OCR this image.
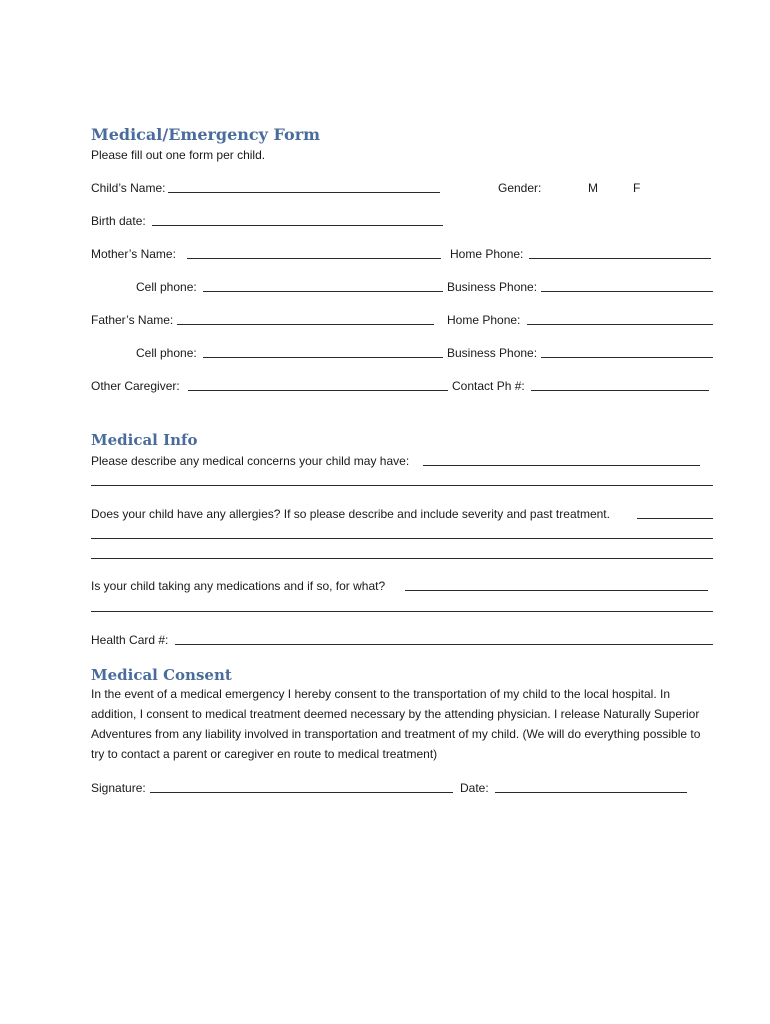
Medical/Emergency Form

Please fill out one form per child.

Child’s Name:	Gender:	M	F
Birth date:
Mother’s Name:	Home Phone:
Cell phone:	Business Phone:
Father’s Name:	Home Phone:
Cell phone:	Business Phone:
Other Caregiver:	Contact Ph #:
Medical Info
Please describe any medical concerns your child may have:
Does your child have any allergies? If so please describe and include severity and past treatment.
Is your child taking any medications and if so, for what?
Health Card #:
Medical Consent

In the event of a medical emergency I hereby consent to the transportation of my child to the local hospital. In addition, I consent to medical treatment deemed necessary by the attending physician. I release Naturally Superior Adventures from any liability involved in transportation and treatment of my child. (We will do everything possible to try to contact a parent or caregiver en route to medical treatment)

Signature:	Date:
